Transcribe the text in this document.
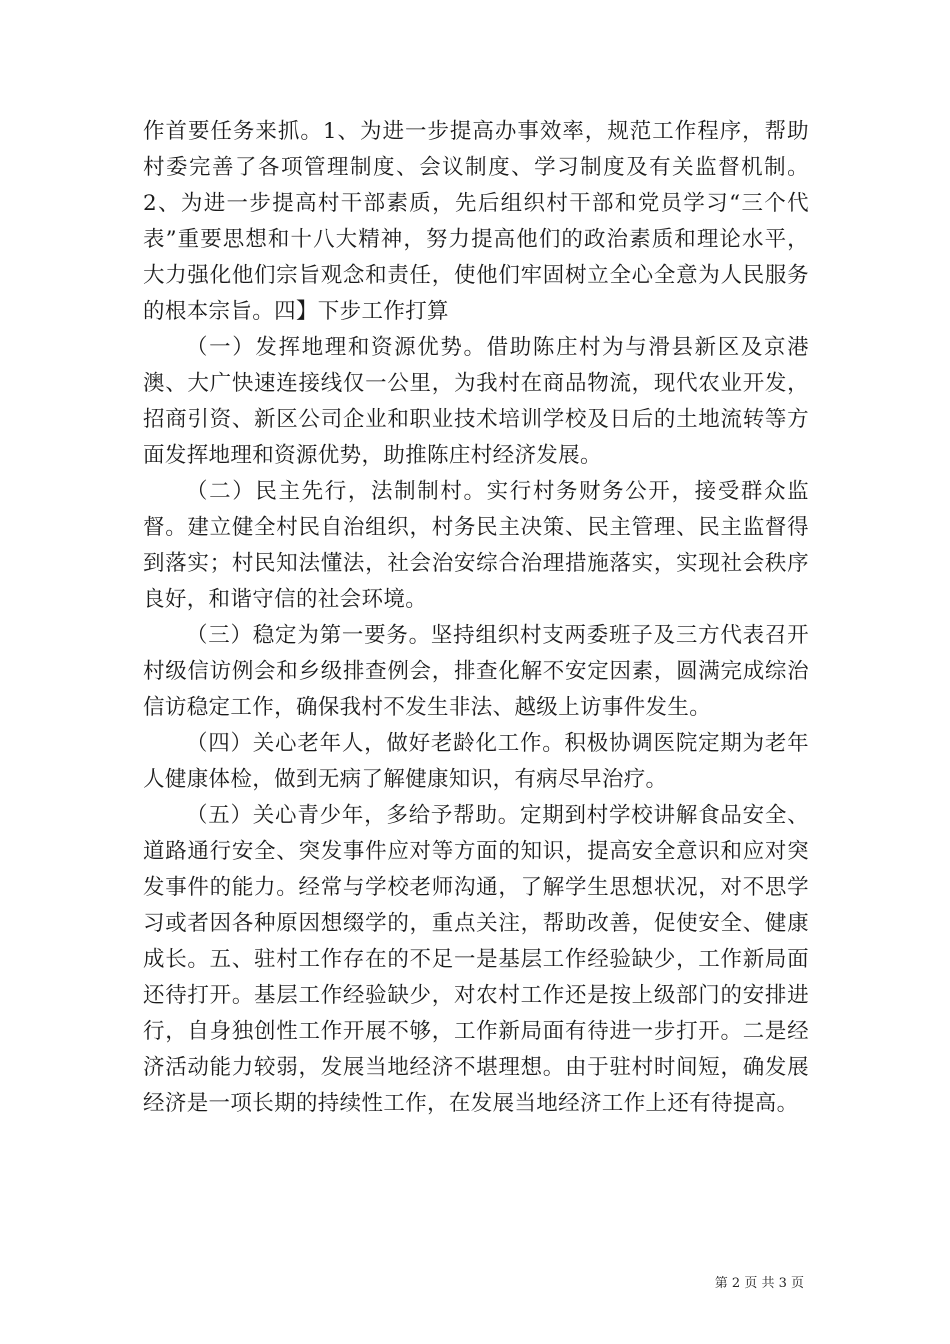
作首要任务来抓。1、为进一步提高办事效率，规范工作程序，帮助村委完善了各项管理制度、会议制度、学习制度及有关监督机制。2、为进一步提高村干部素质，先后组织村干部和党员学习“三个代表”重要思想和十八大精神，努力提高他们的政治素质和理论水平，大力强化他们宗旨观念和责任，使他们牢固树立全心全意为人民服务的根本宗旨。四】下步工作打算

（一）发挥地理和资源优势。借助陈庄村为与滑县新区及京港澳、大广快速连接线仅一公里，为我村在商品物流，现代农业开发，招商引资、新区公司企业和职业技术培训学校及日后的土地流转等方面发挥地理和资源优势，助推陈庄村经济发展。

（二）民主先行，法制制村。实行村务财务公开，接受群众监督。建立健全村民自治组织，村务民主决策、民主管理、民主监督得到落实；村民知法懂法，社会治安综合治理措施落实，实现社会秩序良好，和谐守信的社会环境。

（三）稳定为第一要务。坚持组织村支两委班子及三方代表召开村级信访例会和乡级排查例会，排查化解不安定因素，圆满完成综治信访稳定工作，确保我村不发生非法、越级上访事件发生。

（四）关心老年人，做好老龄化工作。积极协调医院定期为老年人健康体检，做到无病了解健康知识，有病尽早治疗。

（五）关心青少年，多给予帮助。定期到村学校讲解食品安全、道路通行安全、突发事件应对等方面的知识，提高安全意识和应对突发事件的能力。经常与学校老师沟通，了解学生思想状况，对不思学习或者因各种原因想缀学的，重点关注，帮助改善，促使安全、健康成长。五、驻村工作存在的不足一是基层工作经验缺少，工作新局面还待打开。基层工作经验缺少，对农村工作还是按上级部门的安排进行，自身独创性工作开展不够，工作新局面有待进一步打开。二是经济活动能力较弱，发展当地经济不堪理想。由于驻村时间短，确发展经济是一项长期的持续性工作，在发展当地经济工作上还有待提高。

第 2 页 共 3 页
